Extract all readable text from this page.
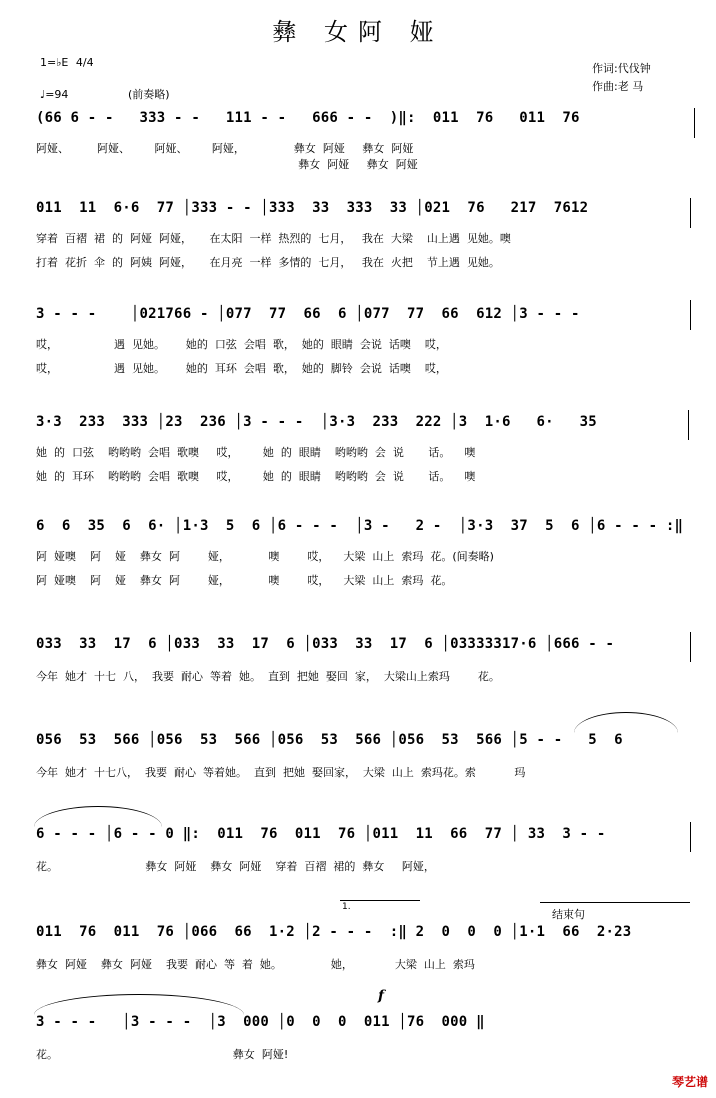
彝 女阿 娅
1=♭E 4/4
♩=94	(前奏略)
作词:代伐钟
作曲:老 马
(66 6 - -   333 - -   111 - -   666 - -  )‖:  011  76   011  76
阿娅、        阿娅、       阿娅、       阿娅，              彝女  阿娅     彝女  阿娅
彝女  阿娅     彝女  阿娅
011  11  6·6  77 │333 - - │333  33  333  33 │021  76   217  7612
穿着  百褶  裙  的  阿娅  阿娅，     在太阳  一样  热烈的  七月，   我在  大梁    山上遇  见她。噢
打着  花折  伞  的  阿姨  阿娅，     在月亮  一样  多情的  七月，   我在  火把    节上遇  见她。
3 - - -    │021766 - │077  77  66  6 │077  77  66  612 │3 - - -
哎，                遇  见她。      她的  口弦  会唱  歌，  她的  眼睛  会说  话噢    哎，
哎，                遇  见她。      她的  耳环  会唱  歌，  她的  脚铃  会说  话噢    哎，
3·3  233  333 │23  236 │3 - - -  │3·3  233  222 │3  1·6   6·   35
她  的  口弦    哟哟哟  会唱  歌噢     哎，       她  的  眼睛    哟哟哟  会  说       话。    噢
她  的  耳环    哟哟哟  会唱  歌噢     哎，       她  的  眼睛    哟哟哟  会  说       话。    噢
6  6  35  6  6· │1·3  5  6 │6 - - -  │3 -   2 -  │3·3  37  5  6 │6 - - - :‖
阿  娅噢    阿    娅    彝女  阿        娅，           噢        哎，    大梁  山上  索玛  花。(间奏略)
阿  娅噢    阿    娅    彝女  阿        娅，           噢        哎，    大梁  山上  索玛  花。
033  33  17  6 │033  33  17  6 │033  33  17  6 │03333317·6 │666 - -
今年  她才  十七  八，  我要  耐心  等着  她。  直到  把她  娶回  家，  大梁山上索玛        花。
056  53  566 │056  53  566 │056  53  566 │056  53  566 │5 - -   5  6
今年  她才  十七八，  我要  耐心  等着她。  直到  把她  娶回家，  大梁  山上  索玛花。索           玛
6 - - - │6 - - 0 ‖:  011  76  011  76 │011  11  66  77 │ 33  3 - -
花。                         彝女  阿娅    彝女  阿娅    穿着  百褶  裙的  彝女     阿娅，
011  76  011  76 │066  66  1·2 │2 - - -  :‖ 2  0  0  0 │1·1  66  2·23
彝女  阿娅    彝女  阿娅    我要  耐心  等  着  她。              她，            大梁  山上  索玛
1.
结束句
3 - - -   │3 - - -  │3  000 │0  0  0  011 │76  000 ‖
花。                                                  彝女  阿娅!
f
琴艺谱
